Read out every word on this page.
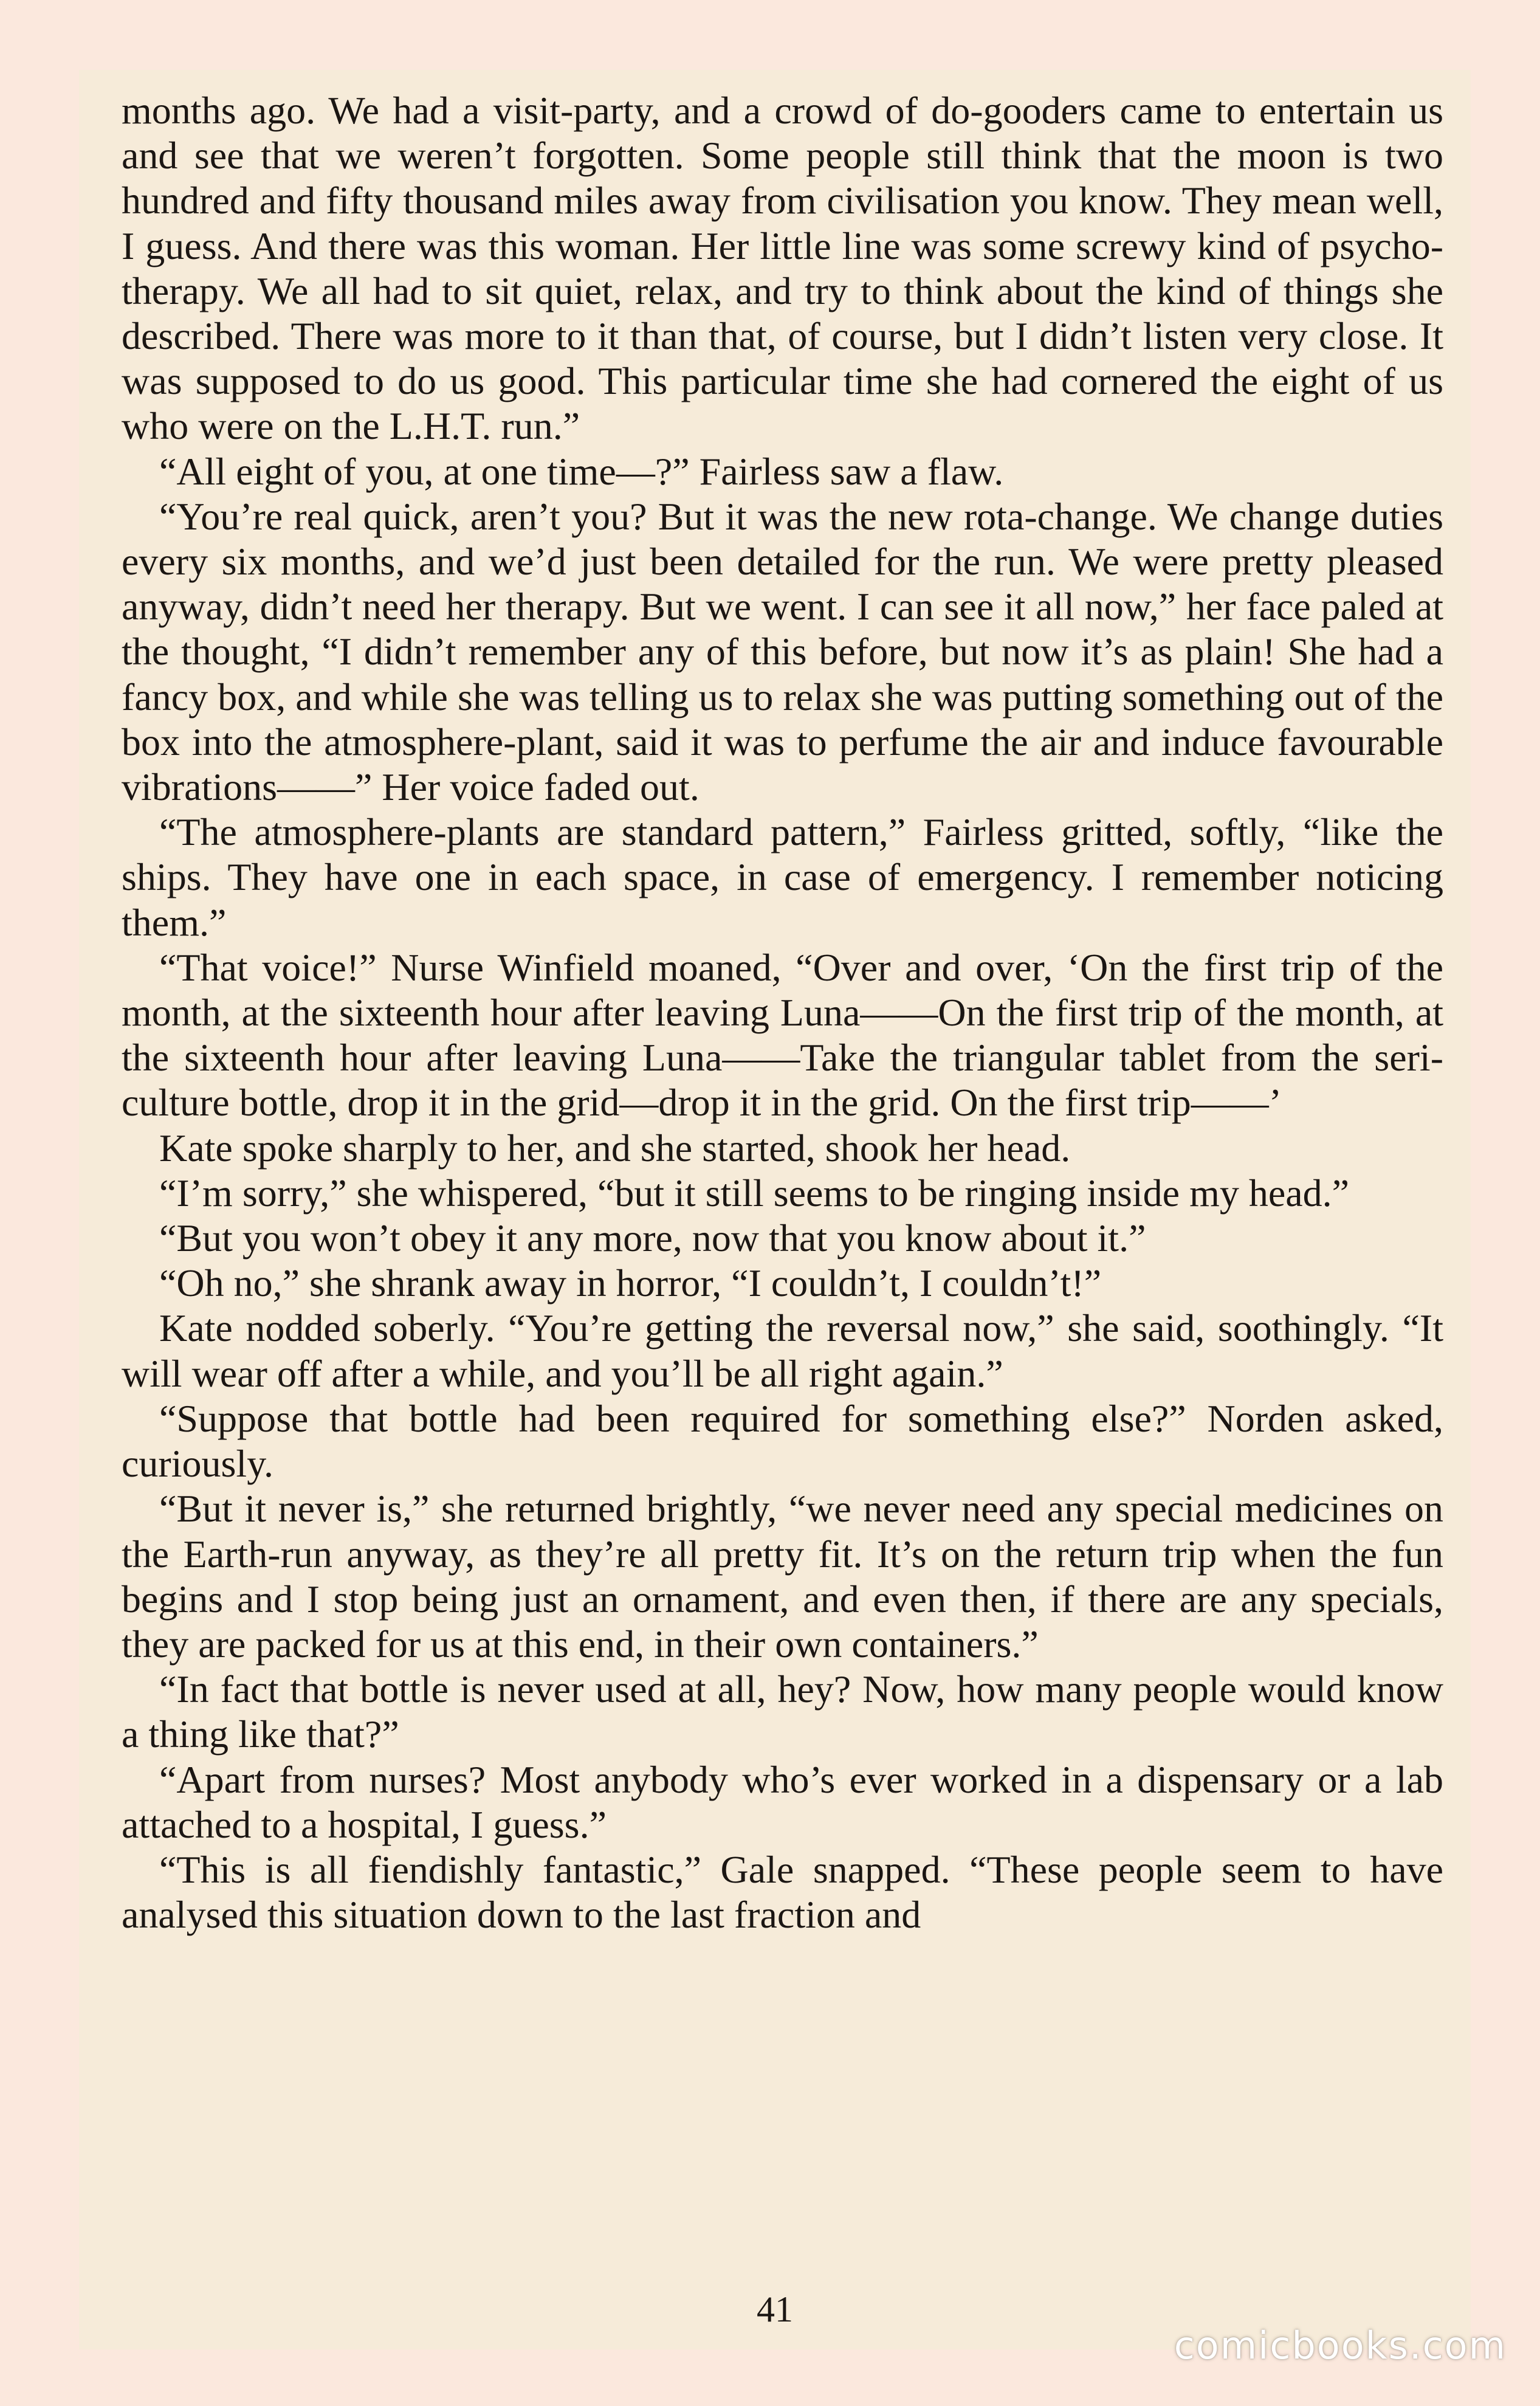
months ago. We had a visit-party, and a crowd of do-gooders came to entertain us and see that we weren’t forgotten. Some people still think that the moon is two hundred and fifty thousand miles away from civilisation you know. They mean well, I guess. And there was this woman. Her little line was some screwy kind of psycho-therapy. We all had to sit quiet, relax, and try to think about the kind of things she described. There was more to it than that, of course, but I didn’t listen very close. It was supposed to do us good. This particular time she had cornered the eight of us who were on the L.H.T. run.”

“All eight of you, at one time—?” Fairless saw a flaw.

“You’re real quick, aren’t you? But it was the new rota-change. We change duties every six months, and we’d just been detailed for the run. We were pretty pleased anyway, didn’t need her therapy. But we went. I can see it all now,” her face paled at the thought, “I didn’t remember any of this before, but now it’s as plain! She had a fancy box, and while she was telling us to relax she was putting something out of the box into the atmosphere-plant, said it was to perfume the air and induce favourable vibrations——” Her voice faded out.

“The atmosphere-plants are standard pattern,” Fairless gritted, softly, “like the ships. They have one in each space, in case of emergency. I remember noticing them.”

“That voice!” Nurse Winfield moaned, “Over and over, ‘On the first trip of the month, at the sixteenth hour after leaving Luna——On the first trip of the month, at the sixteenth hour after leaving Luna——Take the triangular tablet from the seri-culture bottle, drop it in the grid—drop it in the grid. On the first trip——’

Kate spoke sharply to her, and she started, shook her head.

“I’m sorry,” she whispered, “but it still seems to be ringing inside my head.”

“But you won’t obey it any more, now that you know about it.”

“Oh no,” she shrank away in horror, “I couldn’t, I couldn’t!”

Kate nodded soberly. “You’re getting the reversal now,” she said, soothingly. “It will wear off after a while, and you’ll be all right again.”

“Suppose that bottle had been required for something else?” Norden asked, curiously.

“But it never is,” she returned brightly, “we never need any special medicines on the Earth-run anyway, as they’re all pretty fit. It’s on the return trip when the fun begins and I stop being just an ornament, and even then, if there are any specials, they are packed for us at this end, in their own containers.”

“In fact that bottle is never used at all, hey? Now, how many people would know a thing like that?”

“Apart from nurses? Most anybody who’s ever worked in a dispensary or a lab attached to a hospital, I guess.”

“This is all fiendishly fantastic,” Gale snapped. “These people seem to have analysed this situation down to the last fraction and

41
comicbooks.com
